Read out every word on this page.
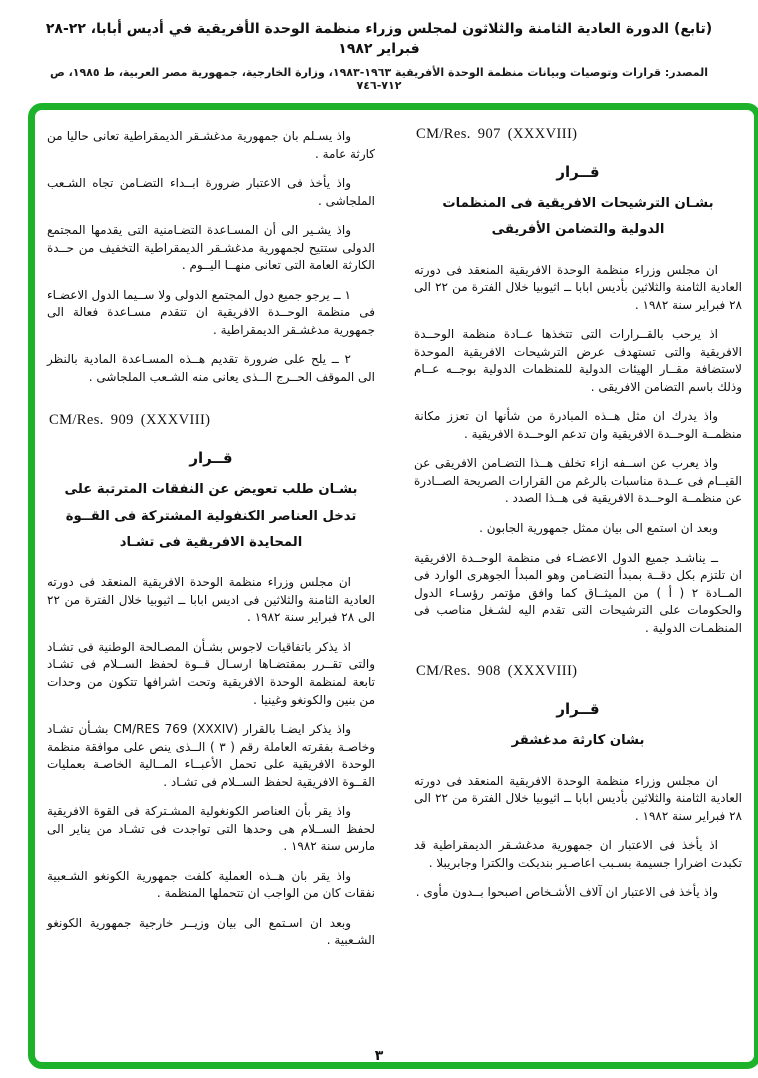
(تابع) الدورة العادية الثامنة والثلاثون لمجلس وزراء منظمة الوحدة الأفريقية في أديس أبابا، ٢٢-٢٨ فبراير ١٩٨٢
المصدر: قرارات وتوصيات وبيانات منظمة الوحدة الأفريقية ١٩٦٣-١٩٨٣، وزارة الخارجية، جمهورية مصر العربية، ط ١٩٨٥، ص ٧١٢-٧٤٦
CM/Res. 907 (XXXVIII)
قــرار
بشـان الترشيحات الافريقية فى المنظمات
الدولية والتضامن الأفريقى

ان مجلس وزراء منظمة الوحدة الافريقية المنعقد فى دورته العادية الثامنة والثلاثين بأديس ابابا ــ اثيوبيا خلال الفترة من ٢٢ الى ٢٨ فبراير سنة ١٩٨٢ .

اذ يرحب بالقــرارات التى تتخذها عــادة منظمة الوحــدة الافريقية والتى تستهدف عرض الترشيحات الافريقية الموحدة لاستضافة مقــار الهيئات الدولية للمنظمات الدولية بوجــه عــام وذلك باسم التضامن الافريقى .

واذ يدرك ان مثل هــذه المبادرة من شأنها ان تعزز مكانة منظمــة الوحــدة الافريقية وان تدعم الوحــدة الافريقية .

واذ يعرب عن اســفه ازاء تخلف هــذا التضـامن الافريقى عن القيــام فى عــدة مناسبات بالرغم من القرارات الصريحة الصــادرة عن منظمــة الوحــدة الافريقية فى هــذا الصدد .

وبعد ان استمع الى بيان ممثل جمهورية الجابون .

ــ يناشـد جميع الدول الاعضـاء فى منظمة الوحــدة الافريقية ان تلتزم بكل دقــة بمبدأ التضـامن وهو المبدأ الجوهرى الوارد فى المــادة ٢ ( أ ) من الميثــاق كما وافق مؤتمر رؤسـاء الدول والحكومات على الترشيحات التى تقدم اليه لشـغل مناصب فى المنظمـات الدولية .

CM/Res. 908 (XXXVIII)
قــرار
بشان كارثة مدغشقر

ان مجلس وزراء منظمة الوحدة الافريقية المنعقد فى دورته العادية الثامنة والثلاثين بأديس ابابا ــ اثيوبيا خلال الفترة من ٢٢ الى ٢٨ فبراير سنة ١٩٨٢ .

اذ يأخذ فى الاعتبار ان جمهورية مدغشـقر الديمقراطية قد تكبدت اضرارا جسيمة بسـبب اعاصـير بنديكت والكترا وجابريبلا .

واذ يأخذ فى الاعتبار ان آلاف الأشـخاص اصبحوا بــدون مأوى .

واذ يسـلم بان جمهورية مدغشـقر الديمقراطية تعانى حاليا من كارثة عامة .

واذ يأخذ فى الاعتبار ضرورة ابــداء التضـامن تجاه الشـعب الملجاشى .

واذ يشـير الى أن المسـاعدة التضـامنية التى يقدمها المجتمع الدولى ستتيح لجمهورية مدغشـقر الديمقراطية التخفيف من حــدة الكارثة العامة التى تعانى منهــا اليــوم .

١ ــ يرجو جميع دول المجتمع الدولى ولا ســيما الدول الاعضـاء فى منظمة الوحــدة الافريقية ان تتقدم مسـاعدة فعالة الى جمهورية مدغشـقر الديمقراطية .

٢ ــ يلح على ضرورة تقديم هــذه المسـاعدة المادية بالنظر الى الموقف الحــرج الــذى يعانى منه الشـعب الملجاشى .

CM/Res. 909 (XXXVIII)
قــرار
بشـان طلب تعويض عن النفقات المترتبة على
تدخل العناصر الكنفولية المشتركة فى القــوة
المحايدة الافريقية فى تشـاد

ان مجلس وزراء منظمة الوحدة الافريقية المنعقد فى دورته العادية الثامنة والثلاثين فى اديس ابابا ــ اثيوبيا خلال الفترة من ٢٢ الى ٢٨ فبراير سنة ١٩٨٢ .

اذ يذكر باتفاقيات لاجوس بشـأن المصـالحة الوطنية فى تشـاد والتى تقــرر بمقتضـاها ارسـال قــوة لحفظ الســلام فى تشـاد تابعة لمنظمة الوحدة الافريقية وتحت اشرافها تتكون من وحدات من بنين والكونغو وغينيا .

واذ يذكر ايضـا بالقرار CM/RES 769 (XXXIV) بشـأن تشـاد وخاصـة بفقرته العاملة رقم ( ٣ ) الــذى ينص على موافقة منظمة الوحدة الافريقية على تحمل الأعبــاء المــالية الخاصـة بعمليات القــوة الافريقية لحفظ الســلام فى تشـاد .

واذ يقر بأن العناصر الكونغولية المشـتركة فى القوة الافريقية لحفظ الســلام هى وحدها التى تواجدت فى تشـاد من يناير الى مارس سنة ١٩٨٢ .

واذ يقر بان هــذه العملية كلفت جمهورية الكونغو الشـعبية نفقات كان من الواجب ان تتحملها المنظمة .

وبعد ان اسـتمع الى بيان وزيــر خارجية جمهورية الكونغو الشـعبية .

٣
